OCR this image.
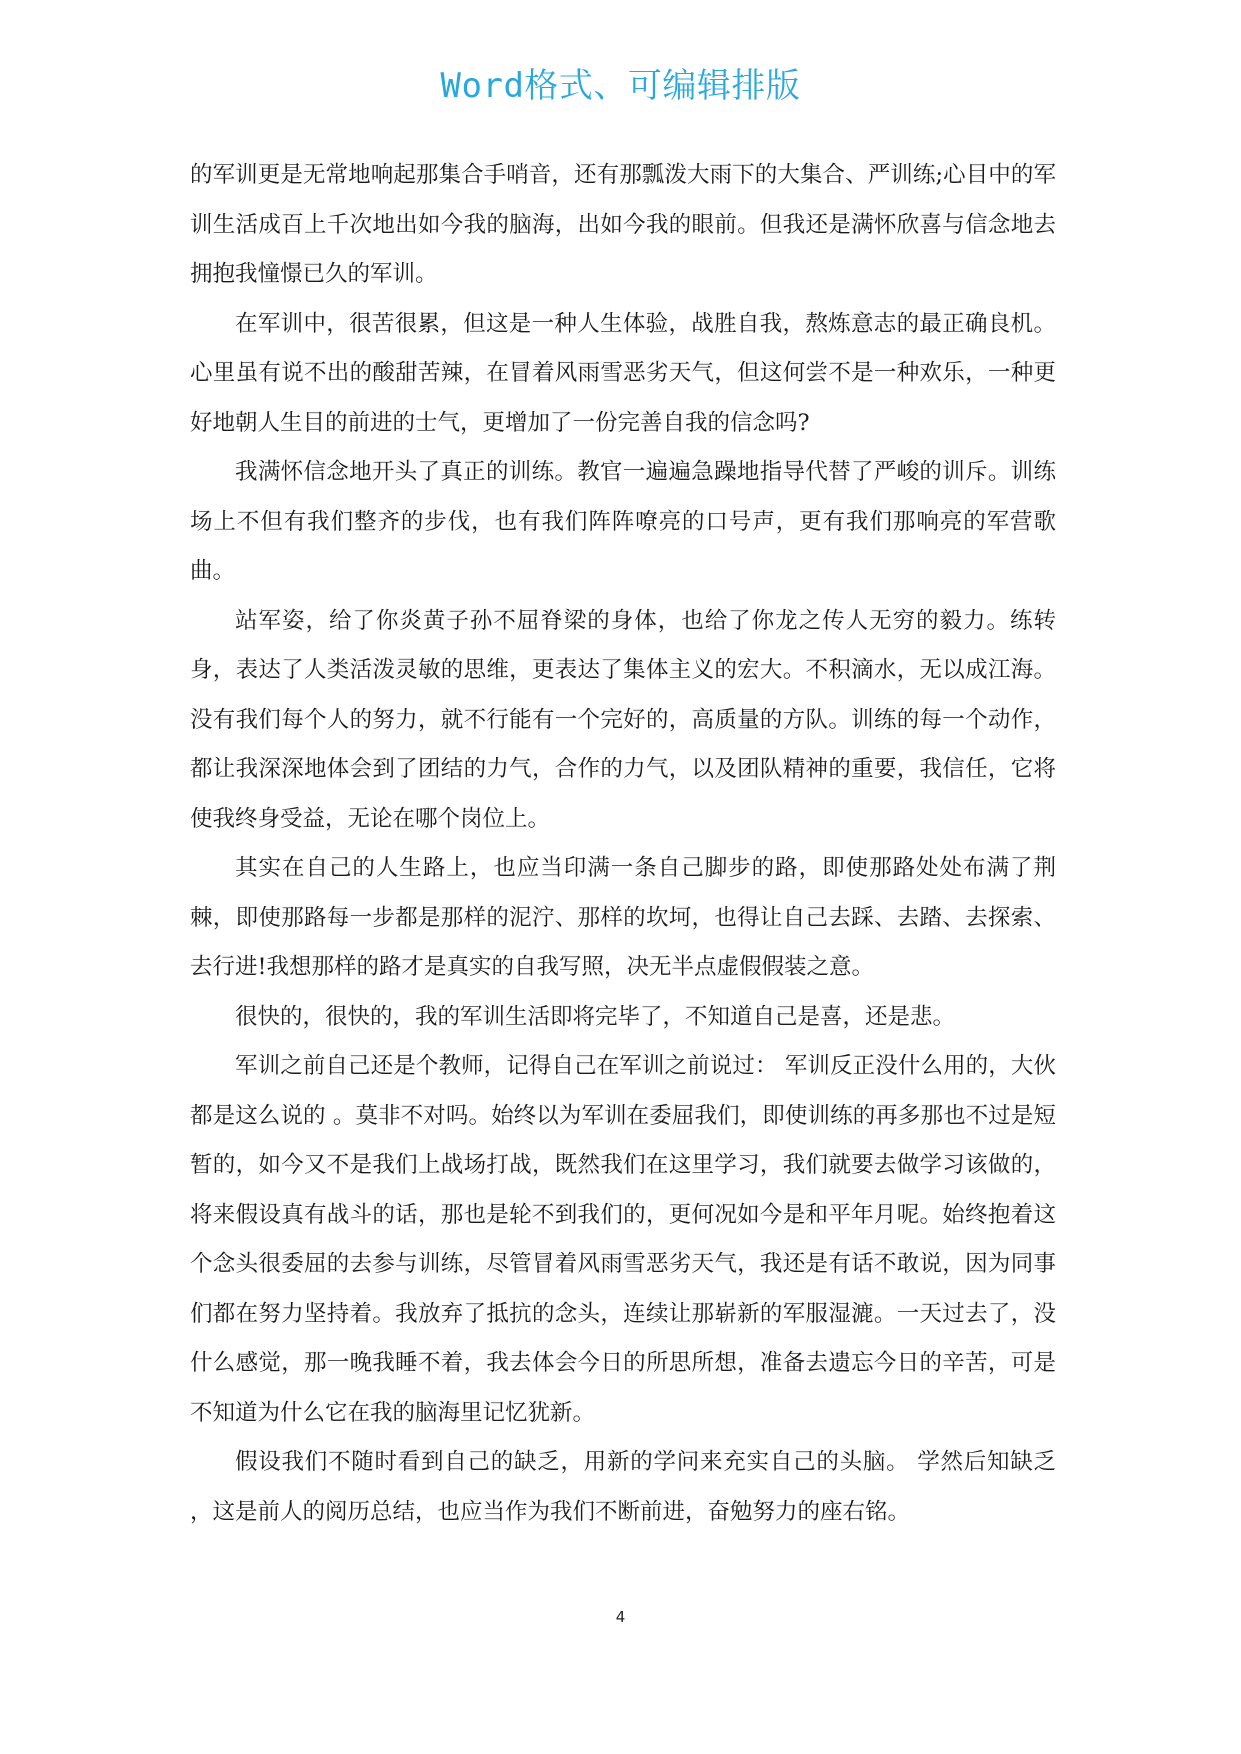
Word格式、可编辑排版

的军训更是无常地响起那集合手哨音，还有那瓢泼大雨下的大集合、严训练;心目中的军训生活成百上千次地出如今我的脑海，出如今我的眼前。但我还是满怀欣喜与信念地去拥抱我憧憬已久的军训。

在军训中，很苦很累，但这是一种人生体验，战胜自我，熬炼意志的最正确良机。心里虽有说不出的酸甜苦辣，在冒着风雨雪恶劣天气，但这何尝不是一种欢乐，一种更好地朝人生目的前进的士气，更增加了一份完善自我的信念吗?

我满怀信念地开头了真正的训练。教官一遍遍急躁地指导代替了严峻的训斥。训练场上不但有我们整齐的步伐，也有我们阵阵嘹亮的口号声，更有我们那响亮的军营歌曲。

站军姿，给了你炎黄子孙不屈脊梁的身体，也给了你龙之传人无穷的毅力。练转身，表达了人类活泼灵敏的思维，更表达了集体主义的宏大。不积滴水，无以成江海。没有我们每个人的努力，就不行能有一个完好的，高质量的方队。训练的每一个动作，都让我深深地体会到了团结的力气，合作的力气，以及团队精神的重要，我信任，它将使我终身受益，无论在哪个岗位上。

其实在自己的人生路上，也应当印满一条自己脚步的路，即使那路处处布满了荆棘，即使那路每一步都是那样的泥泞、那样的坎坷，也得让自己去踩、去踏、去探索、去行进!我想那样的路才是真实的自我写照，决无半点虚假假装之意。

很快的，很快的，我的军训生活即将完毕了，不知道自己是喜，还是悲。

军训之前自己还是个教师，记得自己在军训之前说过： 军训反正没什么用的，大伙都是这么说的 。莫非不对吗。始终以为军训在委屈我们，即使训练的再多那也不过是短暂的，如今又不是我们上战场打战，既然我们在这里学习，我们就要去做学习该做的，将来假设真有战斗的话，那也是轮不到我们的，更何况如今是和平年月呢。始终抱着这个念头很委屈的去参与训练，尽管冒着风雨雪恶劣天气，我还是有话不敢说，因为同事们都在努力坚持着。我放弃了抵抗的念头，连续让那崭新的军服湿漉。一天过去了，没什么感觉，那一晚我睡不着，我去体会今日的所思所想，准备去遗忘今日的辛苦，可是不知道为什么它在我的脑海里记忆犹新。

假设我们不随时看到自己的缺乏，用新的学问来充实自己的头脑。 学然后知缺乏 ，这是前人的阅历总结，也应当作为我们不断前进，奋勉努力的座右铭。

4
